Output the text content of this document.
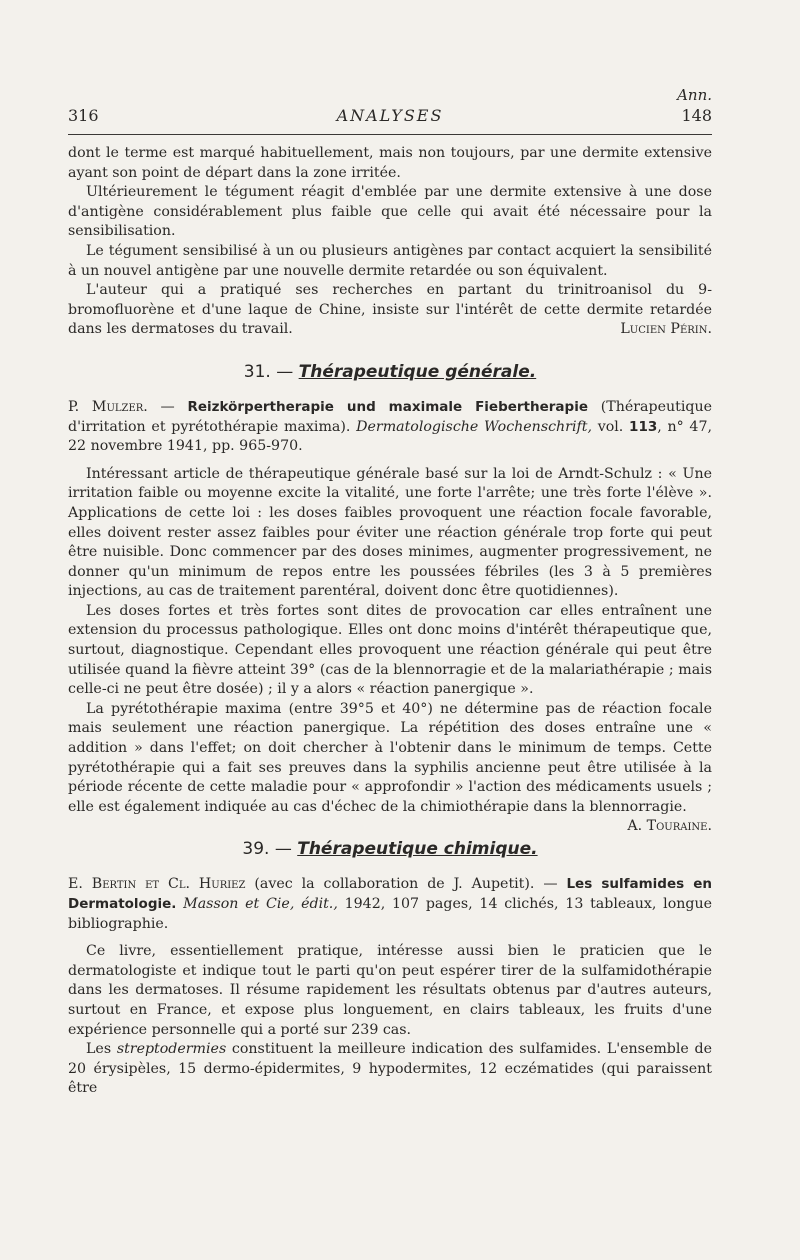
Ann.
316	ANALYSES	148

dont le terme est marqué habituellement, mais non toujours, par une dermite extensive ayant son point de départ dans la zone irritée.

Ultérieurement le tégument réagit d'emblée par une dermite extensive à une dose d'antigène considérablement plus faible que celle qui avait été nécessaire pour la sensibilisation.

Le tégument sensibilisé à un ou plusieurs antigènes par contact acquiert la sensibilité à un nouvel antigène par une nouvelle dermite retardée ou son équivalent.

L'auteur qui a pratiqué ses recherches en partant du trinitroanisol du 9-bromofluorène et d'une laque de Chine, insiste sur l'intérêt de cette dermite retardée dans les dermatoses du travail.	Lucien Périn.

31. — Thérapeutique générale.

P. Mulzer. — Reizkörpertherapie und maximale Fiebertherapie (Thérapeutique d'irritation et pyrétothérapie maxima). Dermatologische Wochenschrift, vol. 113, n° 47, 22 novembre 1941, pp. 965-970.

Intéressant article de thérapeutique générale basé sur la loi de Arndt-Schulz : « Une irritation faible ou moyenne excite la vitalité, une forte l'arrête; une très forte l'élève ». Applications de cette loi : les doses faibles provoquent une réaction focale favorable, elles doivent rester assez faibles pour éviter une réaction générale trop forte qui peut être nuisible. Donc commencer par des doses minimes, augmenter progressivement, ne donner qu'un minimum de repos entre les poussées fébriles (les 3 à 5 premières injections, au cas de traitement parentéral, doivent donc être quotidiennes).

Les doses fortes et très fortes sont dites de provocation car elles entraînent une extension du processus pathologique. Elles ont donc moins d'intérêt thérapeutique que, surtout, diagnostique. Cependant elles provoquent une réaction générale qui peut être utilisée quand la fièvre atteint 39° (cas de la blennorragie et de la malariathérapie ; mais celle-ci ne peut être dosée) ; il y a alors « réaction panergique ».

La pyrétothérapie maxima (entre 39°5 et 40°) ne détermine pas de réaction focale mais seulement une réaction panergique. La répétition des doses entraîne une « addition » dans l'effet; on doit chercher à l'obtenir dans le minimum de temps. Cette pyrétothérapie qui a fait ses preuves dans la syphilis ancienne peut être utilisée à la période récente de cette maladie pour « approfondir » l'action des médicaments usuels ; elle est également indiquée au cas d'échec de la chimiothérapie dans la blennorragie.
A. Touraine.

39. — Thérapeutique chimique.

E. Bertin et Cl. Huriez (avec la collaboration de J. Aupetit). — Les sulfamides en Dermatologie. Masson et Cie, édit., 1942, 107 pages, 14 clichés, 13 tableaux, longue bibliographie.

Ce livre, essentiellement pratique, intéresse aussi bien le praticien que le dermatologiste et indique tout le parti qu'on peut espérer tirer de la sulfamidothérapie dans les dermatoses. Il résume rapidement les résultats obtenus par d'autres auteurs, surtout en France, et expose plus longuement, en clairs tableaux, les fruits d'une expérience personnelle qui a porté sur 239 cas.

Les streptodermies constituent la meilleure indication des sulfamides. L'ensemble de 20 érysipèles, 15 dermo-épidermites, 9 hypodermites, 12 eczématides (qui paraissent être
